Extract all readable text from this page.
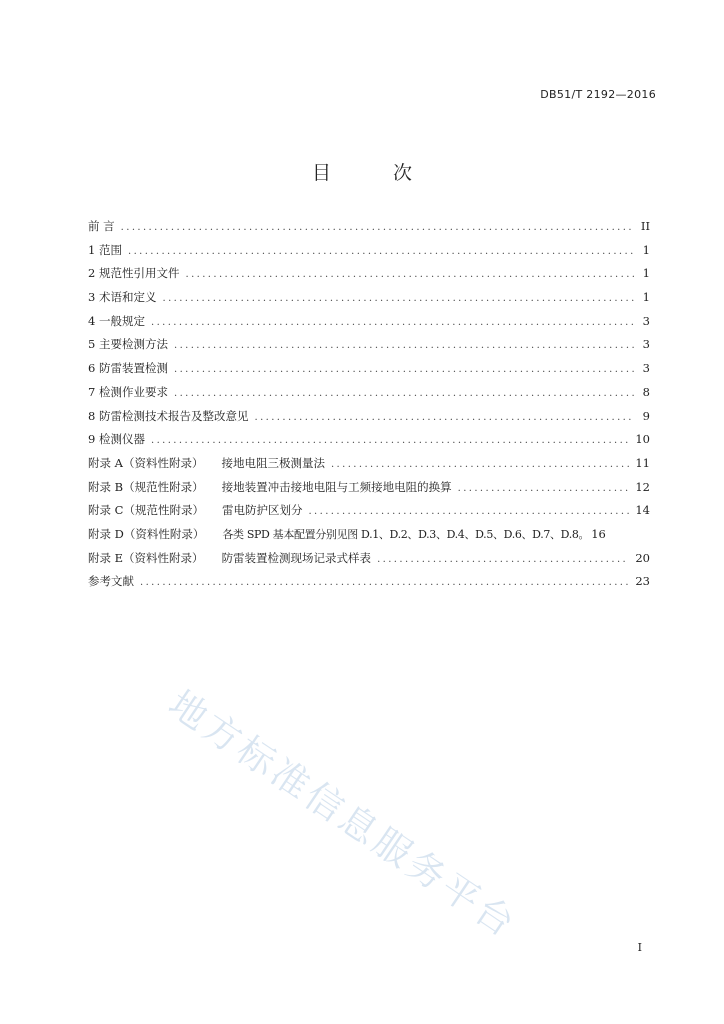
DB51/T 2192—2016
目 次
前 言 .....	II
1 范围 .....	1
2 规范性引用文件 .....	1
3 术语和定义 .....	1
4 一般规定 .....	3
5 主要检测方法 .....	3
6 防雷装置检测 .....	3
7 检测作业要求 .....	8
8 防雷检测技术报告及整改意见 .....	9
9 检测仪器 .....	10
附录 A（资料性附录） 接地电阻三极测量法 .....	11
附录 B（规范性附录） 接地装置冲击接地电阻与工频接地电阻的换算 .....	12
附录 C（规范性附录） 雷电防护区划分 .....	14
附录 D（资料性附录） 各类 SPD 基本配置分别见图 D.1、D.2、D.3、D.4、D.5、D.6、D.7、D.8。 16
附录 E（资料性附录） 防雷装置检测现场记录式样表 .....	20
参考文献 .....	23
地方标准信息服务平台
I
